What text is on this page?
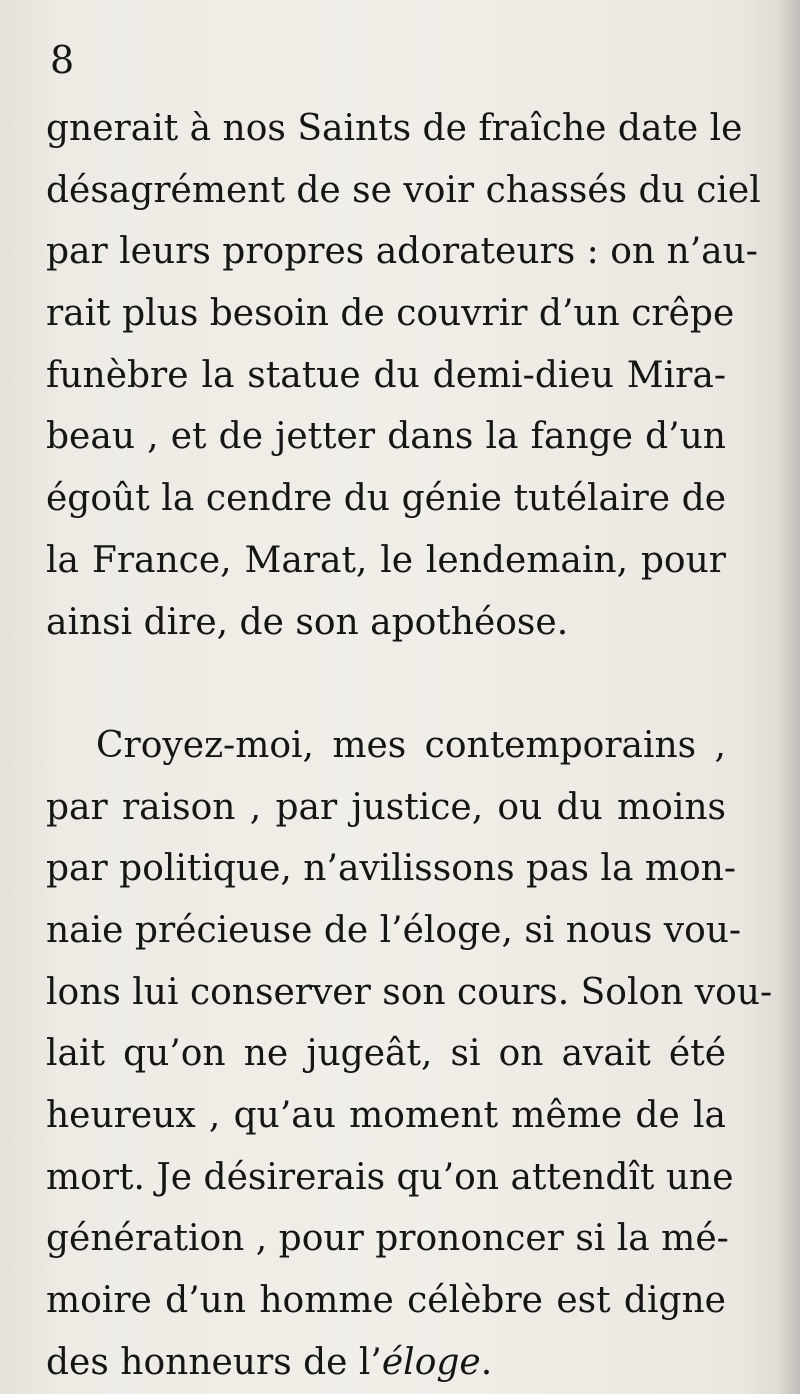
8
gnerait à nos Saints de fraîche date le
désagrément de se voir chassés du ciel
par leurs propres adorateurs : on n’au-
rait plus besoin de couvrir d’un crêpe
funèbre la statue du demi-dieu Mira-
beau , et de jetter dans la fange d’un
égoût la cendre du génie tutélaire de
la France, Marat, le lendemain, pour
ainsi dire, de son apothéose.
Croyez-moi, mes contemporains ,
par raison , par justice, ou du moins
par politique, n’avilissons pas la mon-
naie précieuse de l’éloge, si nous vou-
lons lui conserver son cours. Solon vou-
lait qu’on ne jugeât, si on avait été
heureux , qu’au moment même de la
mort. Je désirerais qu’on attendît une
génération , pour prononcer si la mé-
moire d’un homme célèbre est digne
des honneurs de l’éloge.
